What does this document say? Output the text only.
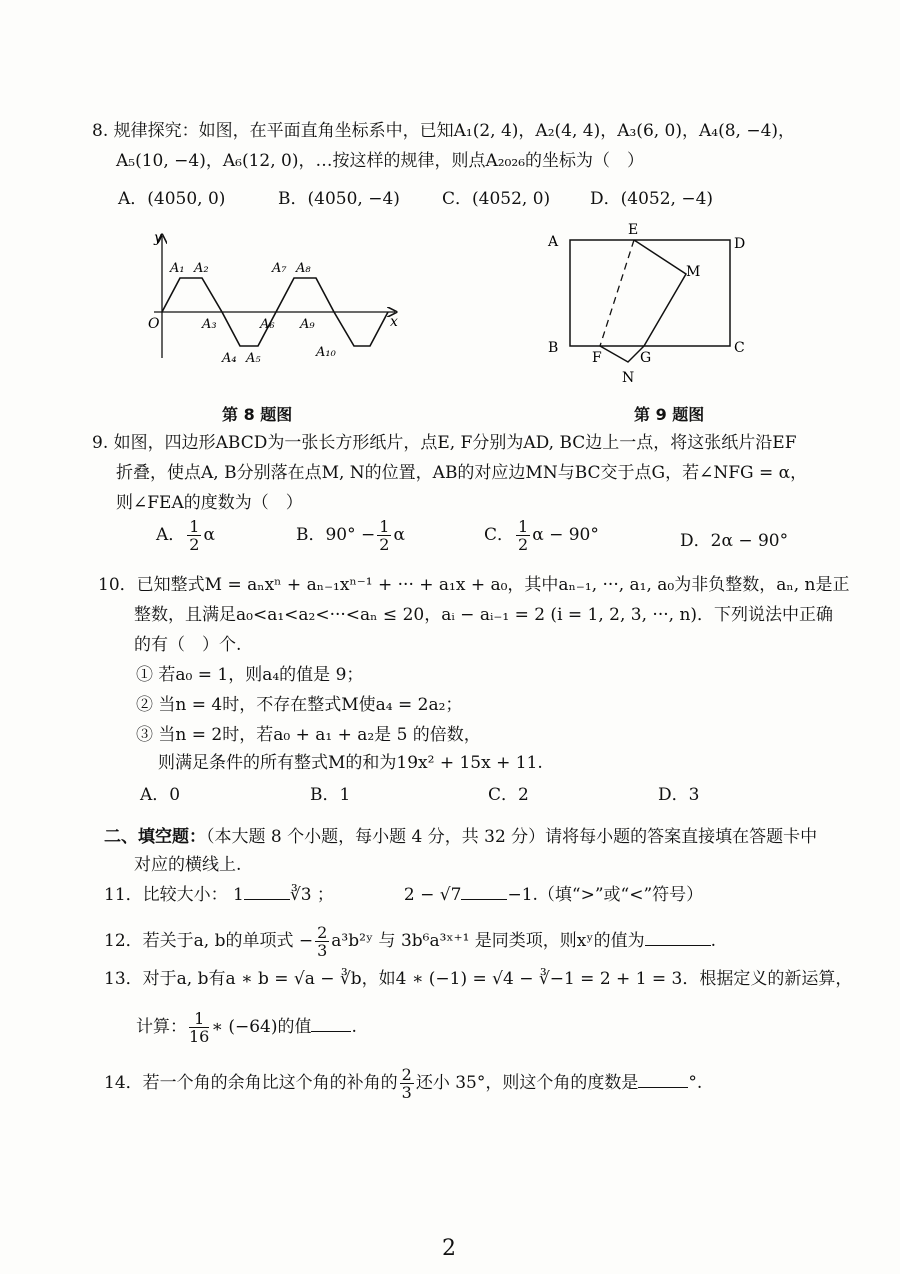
8. 规律探究：如图，在平面直角坐标系中，已知A₁(2, 4)，A₂(4, 4)，A₃(6, 0)，A₄(8, −4)，
A₅(10, −4)，A₆(12, 0)，…按这样的规律，则点A₂₀₂₆的坐标为（　）
A．(4050, 0)	B．(4050, −4) C．(4052, 0) D．(4052, −4)
y
x
O
A₁ A₂
A₃
A₄ A₅
A₆
A₇ A₈
A₉
A₁₀
第 8 题图
A
E
D
M
B
F	G
C
N
第 9 题图
9. 如图，四边形ABCD为一张长方形纸片，点E, F分别为AD, BC边上一点，将这张纸片沿EF
折叠，使点A, B分别落在点M, N的位置，AB的对应边MN与BC交于点G，若∠NFG = α，
则∠FEA的度数为（　）
A． $\frac{1}{2}$ α	B．$90^\circ - \frac{1}{2}$ α	C． $\frac{1}{2}$ α − 90°	D．2α − 90°
10．已知整式M = aₙxⁿ + aₙ₋₁xⁿ⁻¹ + ··· + a₁x + a₀，其中aₙ₋₁, ···, a₁, a₀为非负整数，aₙ, n是正
整数，且满足a₀<a₁<a₂<···<aₙ ≤ 20，aᵢ − aᵢ₋₁ = 2 (i = 1, 2, 3, ···, n)．下列说法中正确
的有（　）个.
① 若a₀ = 1，则a₄的值是 9；
② 当n = 4时，不存在整式M使a₄ = 2a₂；
③ 当n = 2时，若a₀ + a₁ + a₂是 5 的倍数，
则满足条件的所有整式M的和为19x² + 15x + 11.
A．0	B．1	C．2	D．3
二、填空题：（本大题 8 个小题，每小题 4 分，共 32 分）请将每小题的答案直接填在答题卡中
对应的横线上.
11．比较大小： 1	∛3 ；	2 − √7	−1.（填“>”或“<”符号）
12．若关于a, b的单项式 − $\frac{2}{3}$ a³b²ʸ 与 3b⁶a³ˣ⁺¹ 是同类项，则xʸ的值为	.
13．对于a, b有a ∗ b = √a − ∛b，如4 ∗ (−1) = √4 − ∛−1 = 2 + 1 = 3．根据定义的新运算，
计算： $\frac{1}{16}$ ∗ (−64)的值 .
14．若一个角的余角比这个角的补角的 $\frac{2}{3}$ 还小 35°，则这个角的度数是	°.
2
